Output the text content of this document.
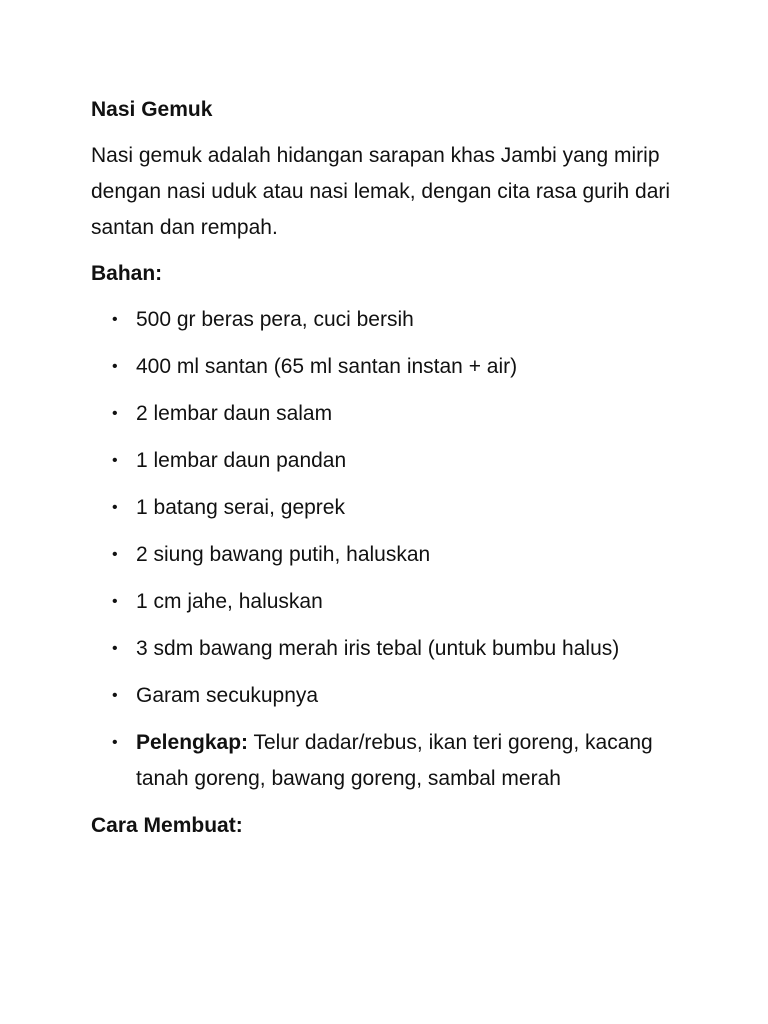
Nasi Gemuk
Nasi gemuk adalah hidangan sarapan khas Jambi yang mirip dengan nasi uduk atau nasi lemak, dengan cita rasa gurih dari santan dan rempah.
Bahan:
• 500 gr beras pera, cuci bersih
• 400 ml santan (65 ml santan instan + air)
• 2 lembar daun salam
• 1 lembar daun pandan
• 1 batang serai, geprek
• 2 siung bawang putih, haluskan
• 1 cm jahe, haluskan
• 3 sdm bawang merah iris tebal (untuk bumbu halus)
• Garam secukupnya
• Pelengkap: Telur dadar/rebus, ikan teri goreng, kacang tanah goreng, bawang goreng, sambal merah
Cara Membuat:
